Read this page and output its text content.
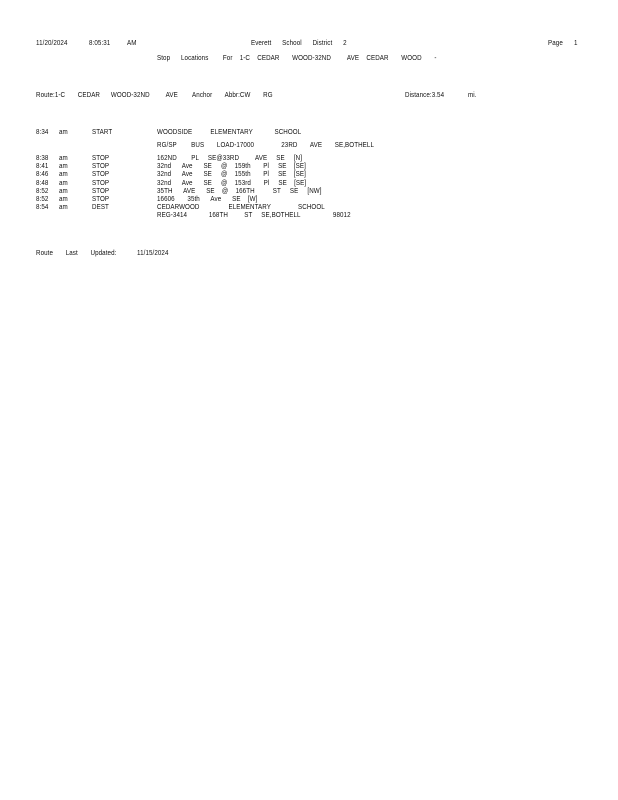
11/20/2024	8:05:31 AM	Everett      School      District      2	Page 1
Stop      Locations        For    1-C    CEDAR       WOOD-32ND         AVE    CEDAR       WOOD       -
Route:1-C       CEDAR      WOOD-32ND         AVE        Anchor       Abbr:CW       RG	Distance:3.54	mi.
8:34 am	START	WOODSIDE          ELEMENTARY            SCHOOL
RG/SP        BUS       LOAD-17000               23RD       AVE       SE,BOTHELL
8:38 am	STOP	162ND        PL     SE@33RD         AVE     SE     [N]
8:41 am	STOP	32nd      Ave      SE     @    159th       Pl     SE    [SE]
8:46 am	STOP	32nd      Ave      SE     @    155th       Pl     SE    [SE]
8:48 am	STOP	32nd      Ave      SE     @    153rd       Pl     SE    [SE]
8:52 am	STOP	35TH      AVE      SE    @    166TH          ST     SE     [NW]
8:52 am	STOP	16606       35th      Ave      SE    [W]
8:54 am	DEST	CEDARWOOD                ELEMENTARY               SCHOOL
REG-3414            168TH         ST     SE,BOTHELL                  98012
Route       Last       Updated:	11/15/2024
